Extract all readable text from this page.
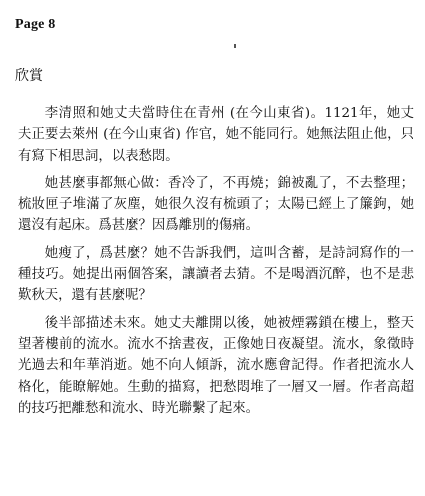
Page 8
欣賞

李清照和她丈夫當時住在青州 (在今山東省)。1121年，她丈夫正要去萊州 (在今山東省) 作官，她不能同行。她無法阻止他，只有寫下相思詞，以表愁悶。

她甚麼事都無心做：香冷了，不再燒；錦被亂了，不去整理；梳妝匣子堆滿了灰塵，她很久沒有梳頭了；太陽已經上了簾鉤，她還沒有起床。爲甚麼？因爲離別的傷痛。

她瘦了，爲甚麼？她不告訴我們，這叫含蓄，是詩詞寫作的一種技巧。她提出兩個答案，讓讀者去猜。不是喝酒沉醉，也不是悲歎秋天，還有甚麼呢？

後半部描述未來。她丈夫離開以後，她被煙霧鎖在樓上，整天望著樓前的流水。流水不捨晝夜，正像她日夜凝望。流水，象徵時光過去和年華消逝。她不向人傾訴，流水應會記得。作者把流水人格化，能瞭解她。生動的描寫，把愁悶堆了一層又一層。作者高超的技巧把離愁和流水、時光聯繫了起來。
